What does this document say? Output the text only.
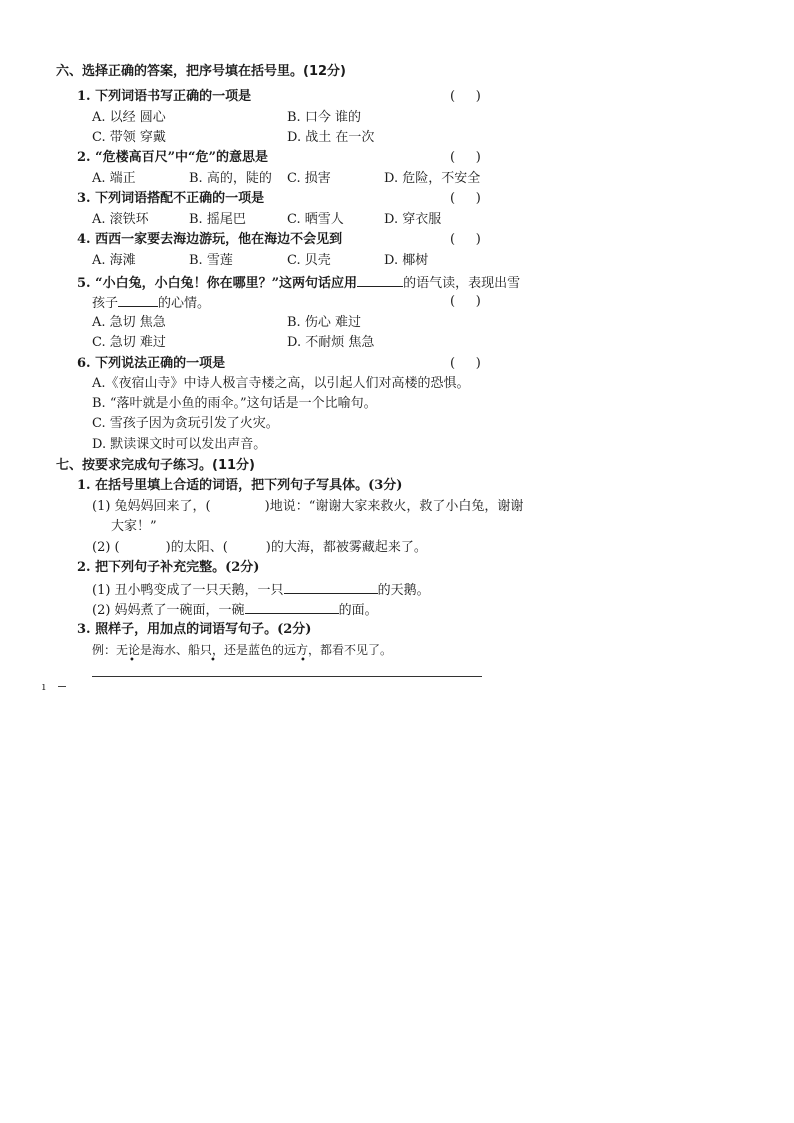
六、选择正确的答案，把序号填在括号里。(12分)
1. 下列词语书写正确的一项是	(     )
A. 以经 圆心	B. 口今 谁的
C. 带领 穿戴	D. 战土 在一次
2. “危楼高百尺”中“危”的意思是	(     )
A. 端正	B. 高的，陡的 C. 损害	D. 危险，不安全
3. 下列词语搭配不正确的一项是	(     )
A. 滚铁环	B. 摇尾巴	C. 晒雪人	D. 穿衣服
4. 西西一家要去海边游玩，他在海边不会见到	(     )
A. 海滩	B. 雪莲	C. 贝壳	D. 椰树
5. “小白兔，小白兔！你在哪里？”这两句话应用	的语气读，表现出雪
孩子	的心情。	(     )
A. 急切 焦急	B. 伤心 难过
C. 急切 难过	D. 不耐烦 焦急
6. 下列说法正确的一项是	(     )
A.《夜宿山寺》中诗人极言寺楼之高，以引起人们对高楼的恐惧。
B. “落叶就是小鱼的雨伞。”这句话是一个比喻句。
C. 雪孩子因为贪玩引发了火灾。
D. 默读课文时可以发出声音。
七、按要求完成句子练习。(11分)
1. 在括号里填上合适的词语，把下列句子写具体。(3分)
(1) 兔妈妈回来了，(	)地说：“谢谢大家来救火，救了小白兔，谢谢
大家！”
(2) (	)的太阳、(	)的大海，都被雾藏起来了。
2. 把下列句子补充完整。(2分)
(1) 丑小鸭变成了一只天鹅，一只	的天鹅。
(2) 妈妈煮了一碗面，一碗	的面。
3. 照样子，用加点的词语写句子。(2分)
例：无论是海水、船只，还是蓝色的远方，都看不见了。
•	•	•
ı
